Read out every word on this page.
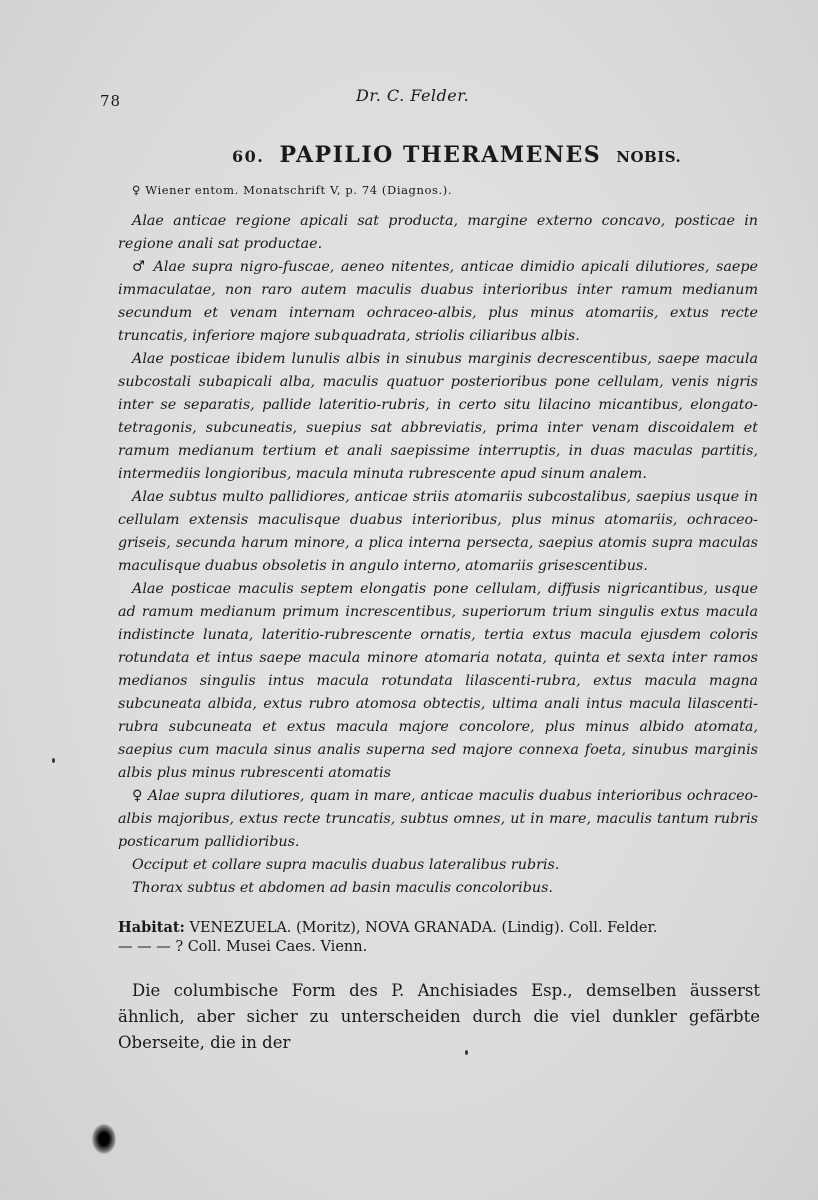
78	Dr. C. Felder.
60. PAPILIO THERAMENES NOBIS.
♀ Wiener entom. Monatschrift V, p. 74 (Diagnos.).

Alae anticae regione apicali sat producta, margine externo concavo, posticae in regione anali sat productae.

♂ Alae supra nigro-fuscae, aeneo nitentes, anticae dimidio apicali dilutiores, saepe immaculatae, non raro autem maculis duabus interioribus inter ramum medianum secundum et venam internam ochraceo-albis, plus minus atomariis, extus recte truncatis, inferiore majore subquadrata, striolis ciliaribus albis.

Alae posticae ibidem lunulis albis in sinubus marginis decrescentibus, saepe macula subcostali subapicali alba, maculis quatuor posterioribus pone cellulam, venis nigris inter se separatis, pallide lateritio-rubris, in certo situ lilacino micantibus, elongato-tetragonis, subcuneatis, suepius sat abbreviatis, prima inter venam discoidalem et ramum medianum tertium et anali saepissime interruptis, in duas maculas partitis, intermediis longioribus, macula minuta rubrescente apud sinum analem.

Alae subtus multo pallidiores, anticae striis atomariis subcostalibus, saepius usque in cellulam extensis maculisque duabus interioribus, plus minus atomariis, ochraceo-griseis, secunda harum minore, a plica interna persecta, saepius atomis supra maculas maculisque duabus obsoletis in angulo interno, atomariis grisescentibus.

Alae posticae maculis septem elongatis pone cellulam, diffusis nigricantibus, usque ad ramum medianum primum increscentibus, superiorum trium singulis extus macula indistincte lunata, lateritio-rubrescente ornatis, tertia extus macula ejusdem coloris rotundata et intus saepe macula minore atomaria notata, quinta et sexta inter ramos medianos singulis intus macula rotundata lilascenti-rubra, extus macula magna subcuneata albida, extus rubro atomosa obtectis, ultima anali intus macula lilascenti-rubra subcuneata et extus macula majore concolore, plus minus albido atomata, saepius cum macula sinus analis superna sed majore connexa foeta, sinubus marginis albis plus minus rubrescenti atomatis

♀ Alae supra dilutiores, quam in mare, anticae maculis duabus interioribus ochraceo-albis majoribus, extus recte truncatis, subtus omnes, ut in mare, maculis tantum rubris posticarum pallidioribus.

Occiput et collare supra maculis duabus lateralibus rubris.

Thorax subtus et abdomen ad basin maculis concoloribus.

Habitat: VENEZUELA. (Moritz), NOVA GRANADA. (Lindig). Coll. Felder.
— — — ? Coll. Musei Caes. Vienn.

Die columbische Form des P. Anchisiades Esp., demselben äusserst ähnlich, aber sicher zu unterscheiden durch die viel dunkler gefärbte Oberseite, die in der
